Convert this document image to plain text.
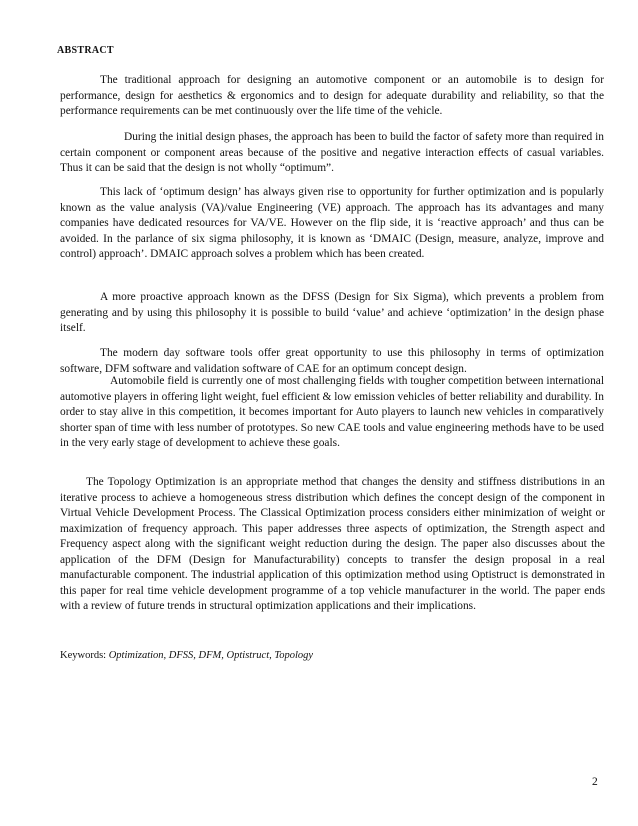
ABSTRACT

The traditional approach for designing an automotive component or an automobile is to design for performance, design for aesthetics & ergonomics and to design for adequate durability and reliability, so that the performance requirements can be met continuously over the life time of the vehicle.

During the initial design phases, the approach has been to build the factor of safety more than required in certain component or component areas because of the positive and negative interaction effects of casual variables. Thus it can be said that the design is not wholly “optimum”.

This lack of ‘optimum design’ has always given rise to opportunity for further optimization and is popularly known as the value analysis (VA)/value Engineering (VE) approach. The approach has its advantages and many companies have dedicated resources for VA/VE. However on the flip side, it is ‘reactive approach’ and thus can be avoided. In the parlance of six sigma philosophy, it is known as ‘DMAIC (Design, measure, analyze, improve and control) approach’. DMAIC approach solves a problem which has been created.

A more proactive approach known as the DFSS (Design for Six Sigma), which prevents a problem from generating and by using this philosophy it is possible to build ‘value’ and achieve ‘optimization’ in the design phase itself.

The modern day software tools offer great opportunity to use this philosophy in terms of optimization software, DFM software and validation software of CAE for an optimum concept design.

Automobile field is currently one of most challenging fields with tougher competition between international automotive players in offering light weight, fuel efficient & low emission vehicles of better reliability and durability. In order to stay alive in this competition, it becomes important for Auto players to launch new vehicles in comparatively shorter span of time with less number of prototypes. So new CAE tools and value engineering methods have to be used in the very early stage of development to achieve these goals.

The Topology Optimization is an appropriate method that changes the density and stiffness distributions in an iterative process to achieve a homogeneous stress distribution which defines the concept design of the component in Virtual Vehicle Development Process. The Classical Optimization process considers either minimization of weight or maximization of frequency approach. This paper addresses three aspects of optimization, the Strength aspect and Frequency aspect along with the significant weight reduction during the design. The paper also discusses about the application of the DFM (Design for Manufacturability) concepts to transfer the design proposal in a real manufacturable component. The industrial application of this optimization method using Optistruct is demonstrated in this paper for real time vehicle development programme of a top vehicle manufacturer in the world. The paper ends with a review of future trends in structural optimization applications and their implications.

Keywords: Optimization, DFSS, DFM, Optistruct, Topology
2
